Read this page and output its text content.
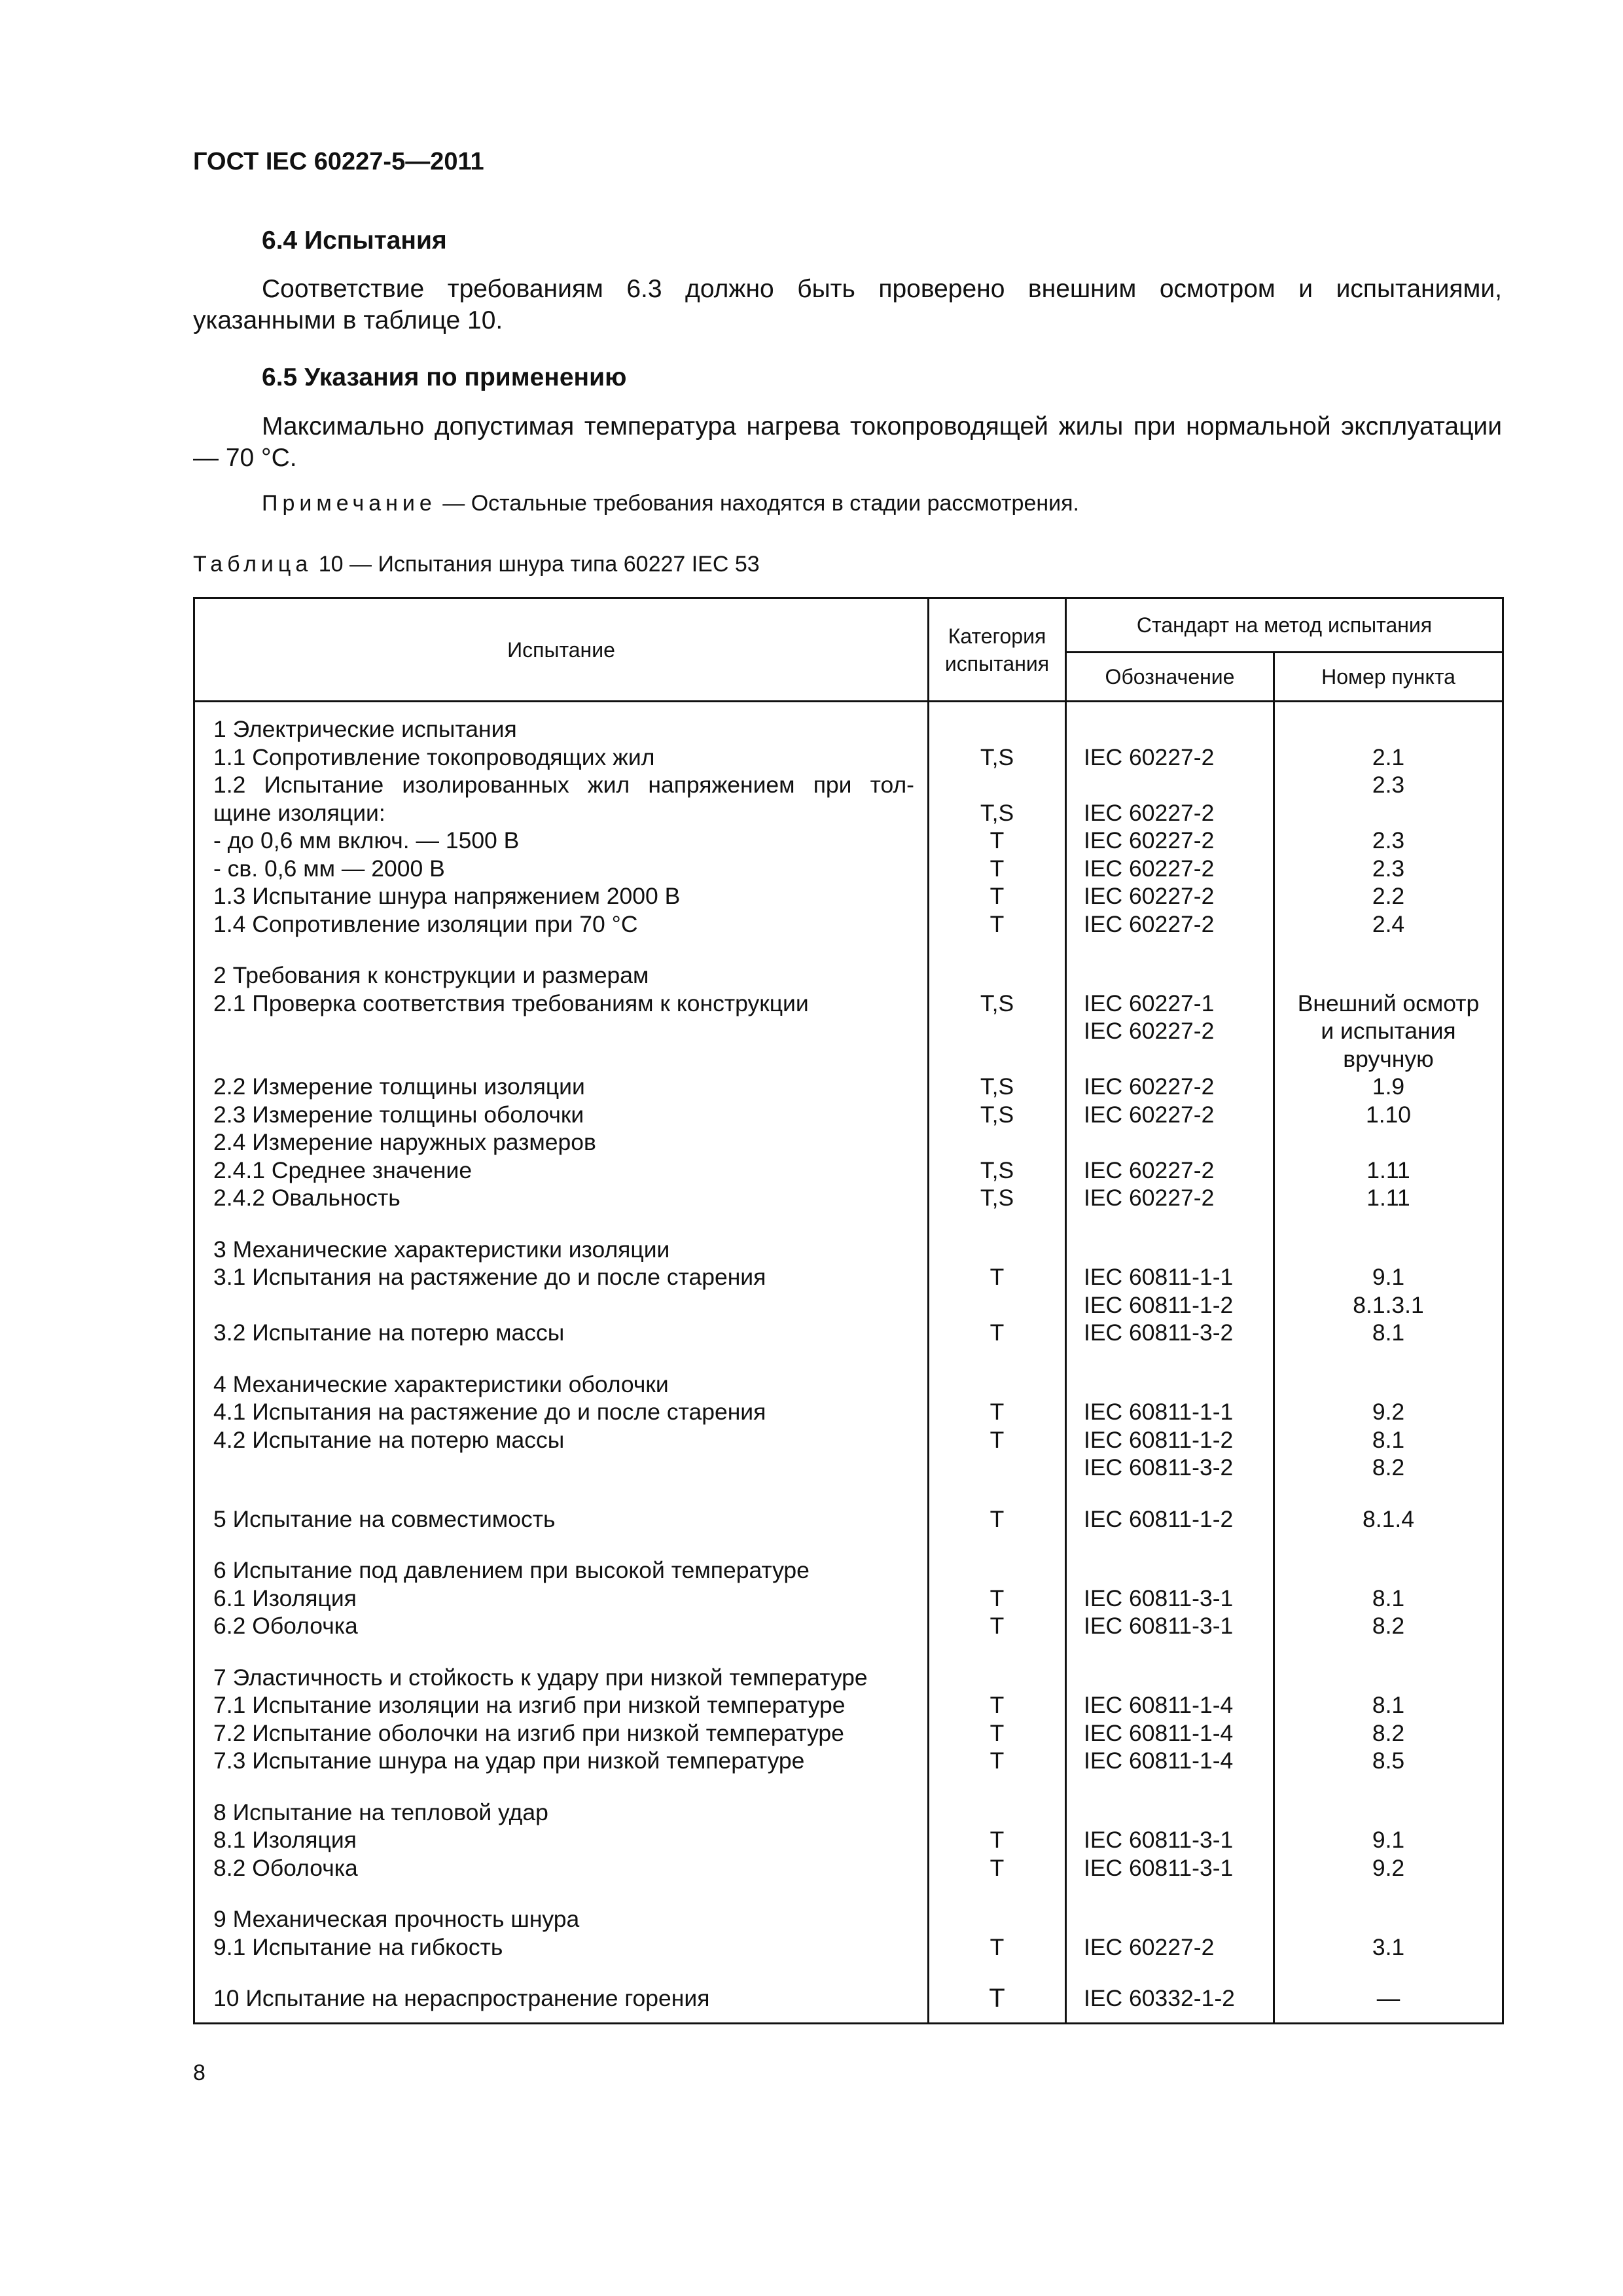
ГОСТ IEC 60227-5—2011
6.4 Испытания

Соответствие требованиям 6.3 должно быть проверено внешним осмотром и испытаниями, указанными в таблице 10.

6.5 Указания по применению

Максимально допустимая температура нагрева токопроводящей жилы при нормальной эксплуатации — 70 °С.

Примечание — Остальные требования находятся в стадии рассмотрения.

Таблица 10 — Испытания шнура типа 60227 IEC 53

Испытание	Категория испытания	Стандарт на метод испытания	
		Обозначение	Номер пункта
1 Электрические испытания			
1.1 Сопротивление токопроводящих жил	Т,S	IEC 60227-2	2.1

1.2 Испытание изолированных жил напряжением при тол-			2.3
щине изоляции:	Т,S	IEC 60227-2	
- до 0,6 мм включ. — 1500 В	Т	IEC 60227-2	2.3
- св. 0,6 мм — 2000 В	Т	IEC 60227-2	2.3
1.3 Испытание шнура напряжением 2000 В	Т	IEC 60227-2	2.2
1.4 Сопротивление изоляции при 70 °С	Т	IEC 60227-2	2.4

2 Требования к конструкции и размерам			
2.1 Проверка соответствия требованиям к конструкции	Т,S	IEC 60227-1	Внешний осмотр
		IEC 60227-2	и испытания
			вручную
2.2 Измерение толщины изоляции	Т,S	IEC 60227-2	1.9
2.3 Измерение толщины оболочки	Т,S	IEC 60227-2	1.10
2.4 Измерение наружных размеров			
2.4.1 Среднее значение	Т,S	IEC 60227-2	1.11
2.4.2 Овальность	Т,S	IEC 60227-2	1.11

3 Механические характеристики изоляции			
3.1 Испытания на растяжение до и после старения	Т	IEC 60811-1-1	9.1
		IEC 60811-1-2	8.1.3.1
3.2 Испытание на потерю массы	Т	IEC 60811-3-2	8.1

4 Механические характеристики оболочки			
4.1 Испытания на растяжение до и после старения	Т	IEC 60811-1-1	9.2
4.2 Испытание на потерю массы	Т	IEC 60811-1-2	8.1
		IEC 60811-3-2	8.2

5 Испытание на совместимость	Т	IEC 60811-1-2	8.1.4

6 Испытание под давлением при высокой температуре			
6.1 Изоляция	Т	IEC 60811-3-1	8.1
6.2 Оболочка	Т	IEC 60811-3-1	8.2

7 Эластичность и стойкость к удару при низкой температуре			
7.1 Испытание изоляции на изгиб при низкой температуре	Т	IEC 60811-1-4	8.1
7.2 Испытание оболочки на изгиб при низкой температуре	Т	IEC 60811-1-4	8.2
7.3 Испытание шнура на удар при низкой температуре	Т	IEC 60811-1-4	8.5

8 Испытание на тепловой удар			
8.1 Изоляция	Т	IEC 60811-3-1	9.1
8.2 Оболочка	Т	IEC 60811-3-1	9.2

9 Механическая прочность шнура			
9.1 Испытание на гибкость	Т	IEC 60227-2	3.1

10 Испытание на нераспространение горения	Т	IEC 60332-1-2	—
8
